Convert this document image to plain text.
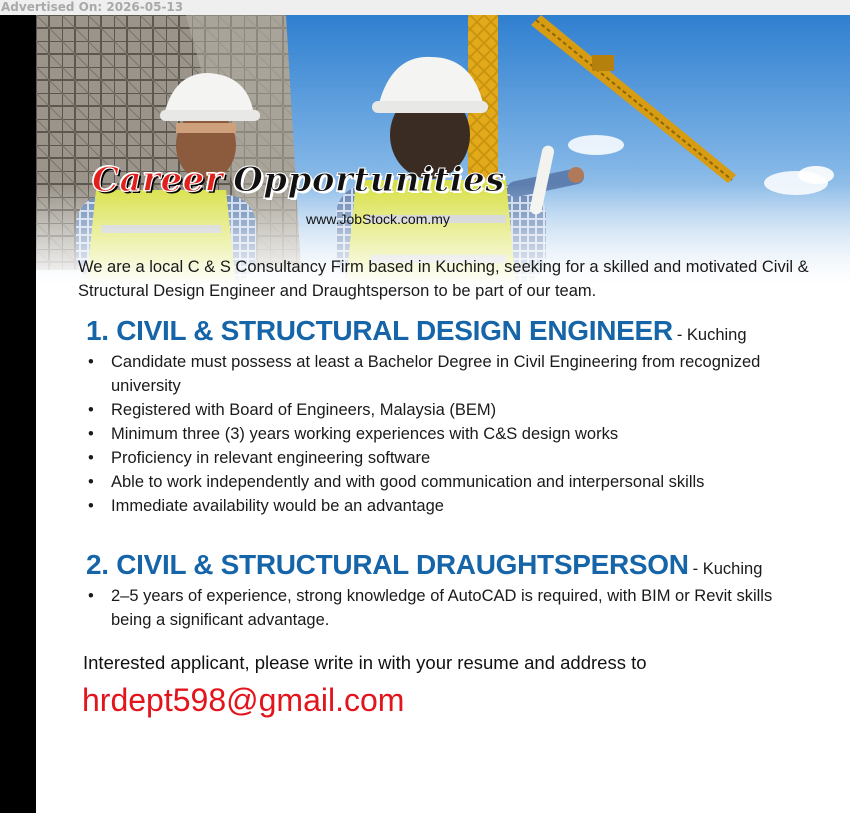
Advertised On: 2026-05-13
Career Opportunities
www.JobStock.com.my
We are a local C & S Consultancy Firm based in Kuching, seeking for a skilled and motivated Civil & Structural Design Engineer and Draughtsperson to be part of our team.
1. CIVIL & STRUCTURAL DESIGN ENGINEER - Kuching
• Candidate must possess at least a Bachelor Degree in Civil Engineering from recognized university
• Registered with Board of Engineers, Malaysia (BEM)
• Minimum three (3) years working experiences with C&S design works
• Proficiency in relevant engineering software
• Able to work independently and with good communication and interpersonal skills
• Immediate availability would be an advantage
2. CIVIL & STRUCTURAL DRAUGHTSPERSON - Kuching
• 2–5 years of experience, strong knowledge of AutoCAD is required, with BIM or Revit skills being a significant advantage.
Interested applicant, please write in with your resume and address to
hrdept598@gmail.com
